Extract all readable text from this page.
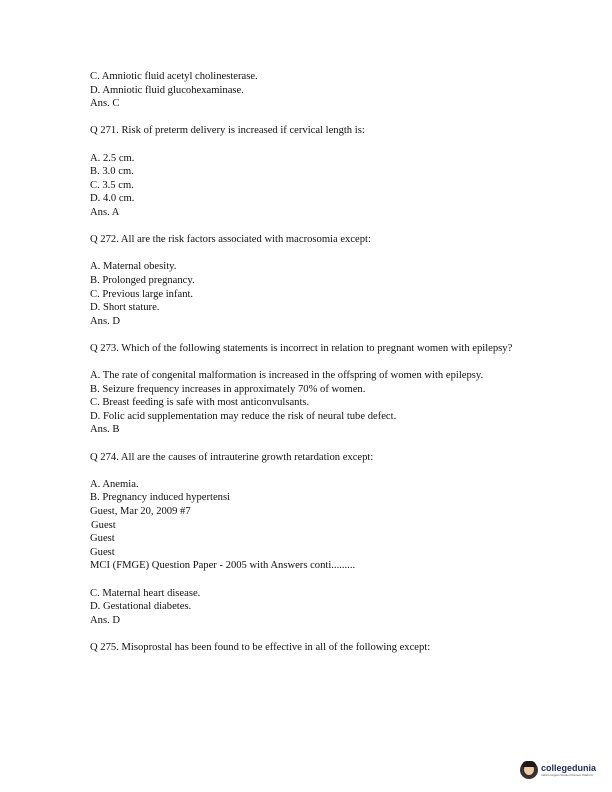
C. Amniotic fluid acetyl cholinesterase.

D. Amniotic fluid glucohexaminase.

Ans. C

Q 271. Risk of preterm delivery is increased if cervical length is:

A. 2.5 cm.

B. 3.0 cm.

C. 3.5 cm.

D. 4.0 cm.

Ans. A

Q 272. All are the risk factors associated with macrosomia except:

A. Maternal obesity.

B. Prolonged pregnancy.

C. Previous large infant.

D. Short stature.

Ans. D

Q 273. Which of the following statements is incorrect in relation to pregnant women with epilepsy?

A. The rate of congenital malformation is increased in the offspring of women with epilepsy.

B. Seizure frequency increases in approximately 70% of women.

C. Breast feeding is safe with most anticonvulsants.

D. Folic acid supplementation may reduce the risk of neural tube defect.

Ans. B

Q 274. All are the causes of intrauterine growth retardation except:

A. Anemia.

B. Pregnancy induced hypertensi

Guest, Mar 20, 2009 #7

Guest

Guest

Guest

MCI (FMGE) Question Paper - 2005 with Answers conti.........

C. Maternal heart disease.

D. Gestational diabetes.

Ans. D

Q 275. Misoprostal has been found to be effective in all of the following except:

collegedunia
India's largest Student Review Platform
